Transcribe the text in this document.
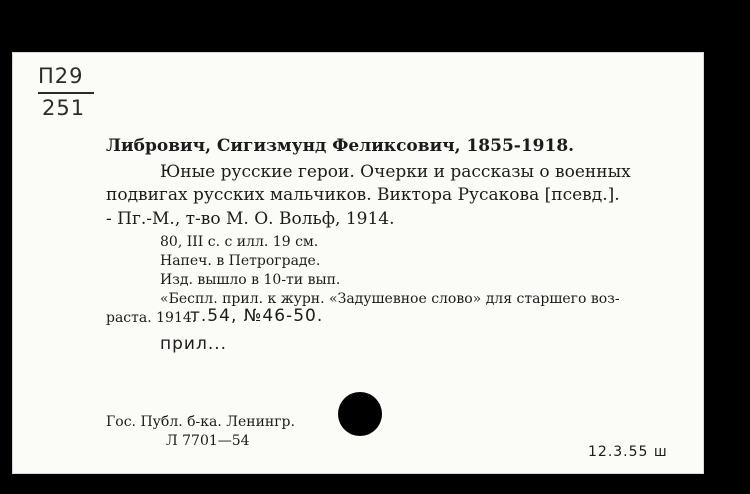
П29
251
Либрович, Сигизмунд Феликсович, 1855-1918.
Юные русские герои. Очерки и рассказы о военных
подвигах русских мальчиков. Виктора Русакова [псевд.].
- Пг.-М., т-во М. О. Вольф, 1914.
80, III с. с илл. 19 см.
Напеч. в Петрограде.
Изд. вышло в 10-ти вып.
«Беспл. прил. к журн. «Задушевное слово» для старшего воз-
раста. 1914.
т.54, №46-50.
прил...
Гос. Публ. б-ка. Ленингр.
Л 7701—54
12.3.55 ш
